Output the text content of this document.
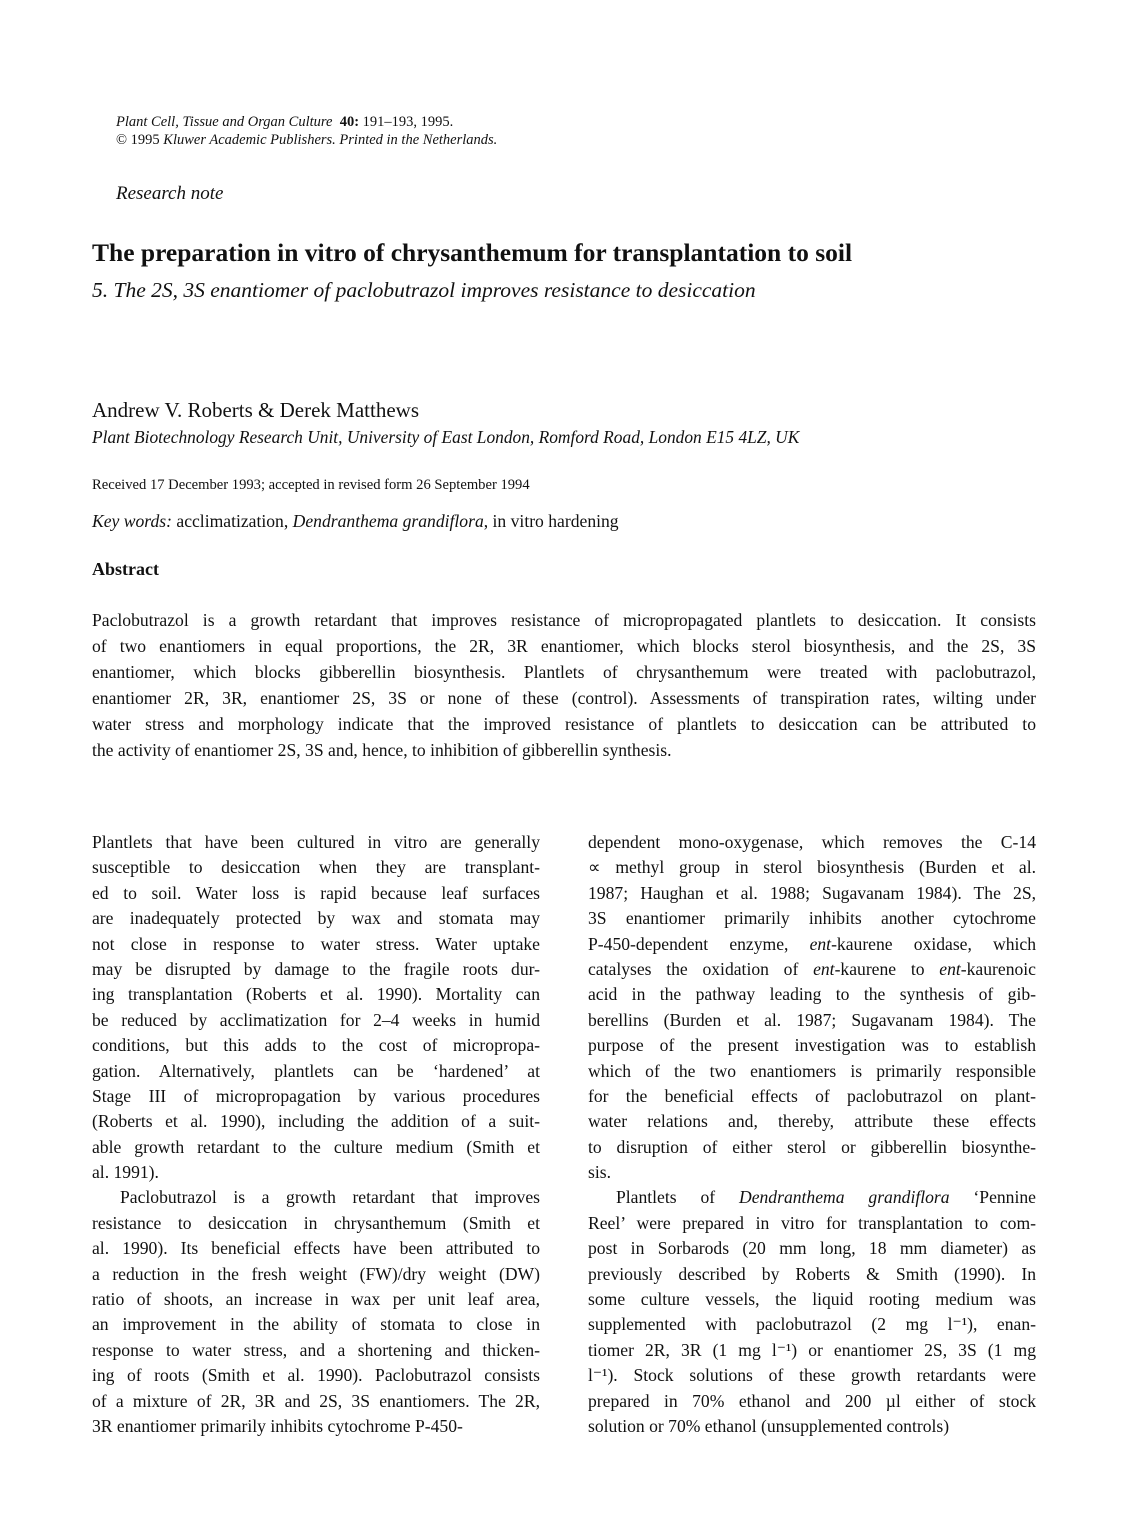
Plant Cell, Tissue and Organ Culture 40: 191–193, 1995.
© 1995 Kluwer Academic Publishers. Printed in the Netherlands.
Research note
The preparation in vitro of chrysanthemum for transplantation to soil
5. The 2S, 3S enantiomer of paclobutrazol improves resistance to desiccation
Andrew V. Roberts & Derek Matthews
Plant Biotechnology Research Unit, University of East London, Romford Road, London E15 4LZ, UK
Received 17 December 1993; accepted in revised form 26 September 1994
Key words: acclimatization, Dendranthema grandiflora, in vitro hardening
Abstract
Paclobutrazol is a growth retardant that improves resistance of micropropagated plantlets to desiccation. It consists
of two enantiomers in equal proportions, the 2R, 3R enantiomer, which blocks sterol biosynthesis, and the 2S, 3S
enantiomer, which blocks gibberellin biosynthesis. Plantlets of chrysanthemum were treated with paclobutrazol,
enantiomer 2R, 3R, enantiomer 2S, 3S or none of these (control). Assessments of transpiration rates, wilting under
water stress and morphology indicate that the improved resistance of plantlets to desiccation can be attributed to
the activity of enantiomer 2S, 3S and, hence, to inhibition of gibberellin synthesis.
Plantlets that have been cultured in vitro are generally
susceptible to desiccation when they are transplant-
ed to soil. Water loss is rapid because leaf surfaces
are inadequately protected by wax and stomata may
not close in response to water stress. Water uptake
may be disrupted by damage to the fragile roots dur-
ing transplantation (Roberts et al. 1990). Mortality can
be reduced by acclimatization for 2–4 weeks in humid
conditions, but this adds to the cost of micropropa-
gation. Alternatively, plantlets can be ‘hardened’ at
Stage III of micropropagation by various procedures
(Roberts et al. 1990), including the addition of a suit-
able growth retardant to the culture medium (Smith et
al. 1991).
Paclobutrazol is a growth retardant that improves
resistance to desiccation in chrysanthemum (Smith et
al. 1990). Its beneficial effects have been attributed to
a reduction in the fresh weight (FW)/dry weight (DW)
ratio of shoots, an increase in wax per unit leaf area,
an improvement in the ability of stomata to close in
response to water stress, and a shortening and thicken-
ing of roots (Smith et al. 1990). Paclobutrazol consists
of a mixture of 2R, 3R and 2S, 3S enantiomers. The 2R,
3R enantiomer primarily inhibits cytochrome P-450-
dependent mono-oxygenase, which removes the C-14
∝ methyl group in sterol biosynthesis (Burden et al.
1987; Haughan et al. 1988; Sugavanam 1984). The 2S,
3S enantiomer primarily inhibits another cytochrome
P-450-dependent enzyme, ent-kaurene oxidase, which
catalyses the oxidation of ent-kaurene to ent-kaurenoic
acid in the pathway leading to the synthesis of gib-
berellins (Burden et al. 1987; Sugavanam 1984). The
purpose of the present investigation was to establish
which of the two enantiomers is primarily responsible
for the beneficial effects of paclobutrazol on plant-
water relations and, thereby, attribute these effects
to disruption of either sterol or gibberellin biosynthe-
sis.
Plantlets of Dendranthema grandiflora ‘Pennine
Reel’ were prepared in vitro for transplantation to com-
post in Sorbarods (20 mm long, 18 mm diameter) as
previously described by Roberts & Smith (1990). In
some culture vessels, the liquid rooting medium was
supplemented with paclobutrazol (2 mg l⁻¹), enan-
tiomer 2R, 3R (1 mg l⁻¹) or enantiomer 2S, 3S (1 mg
l⁻¹). Stock solutions of these growth retardants were
prepared in 70% ethanol and 200 µl either of stock
solution or 70% ethanol (unsupplemented controls)
